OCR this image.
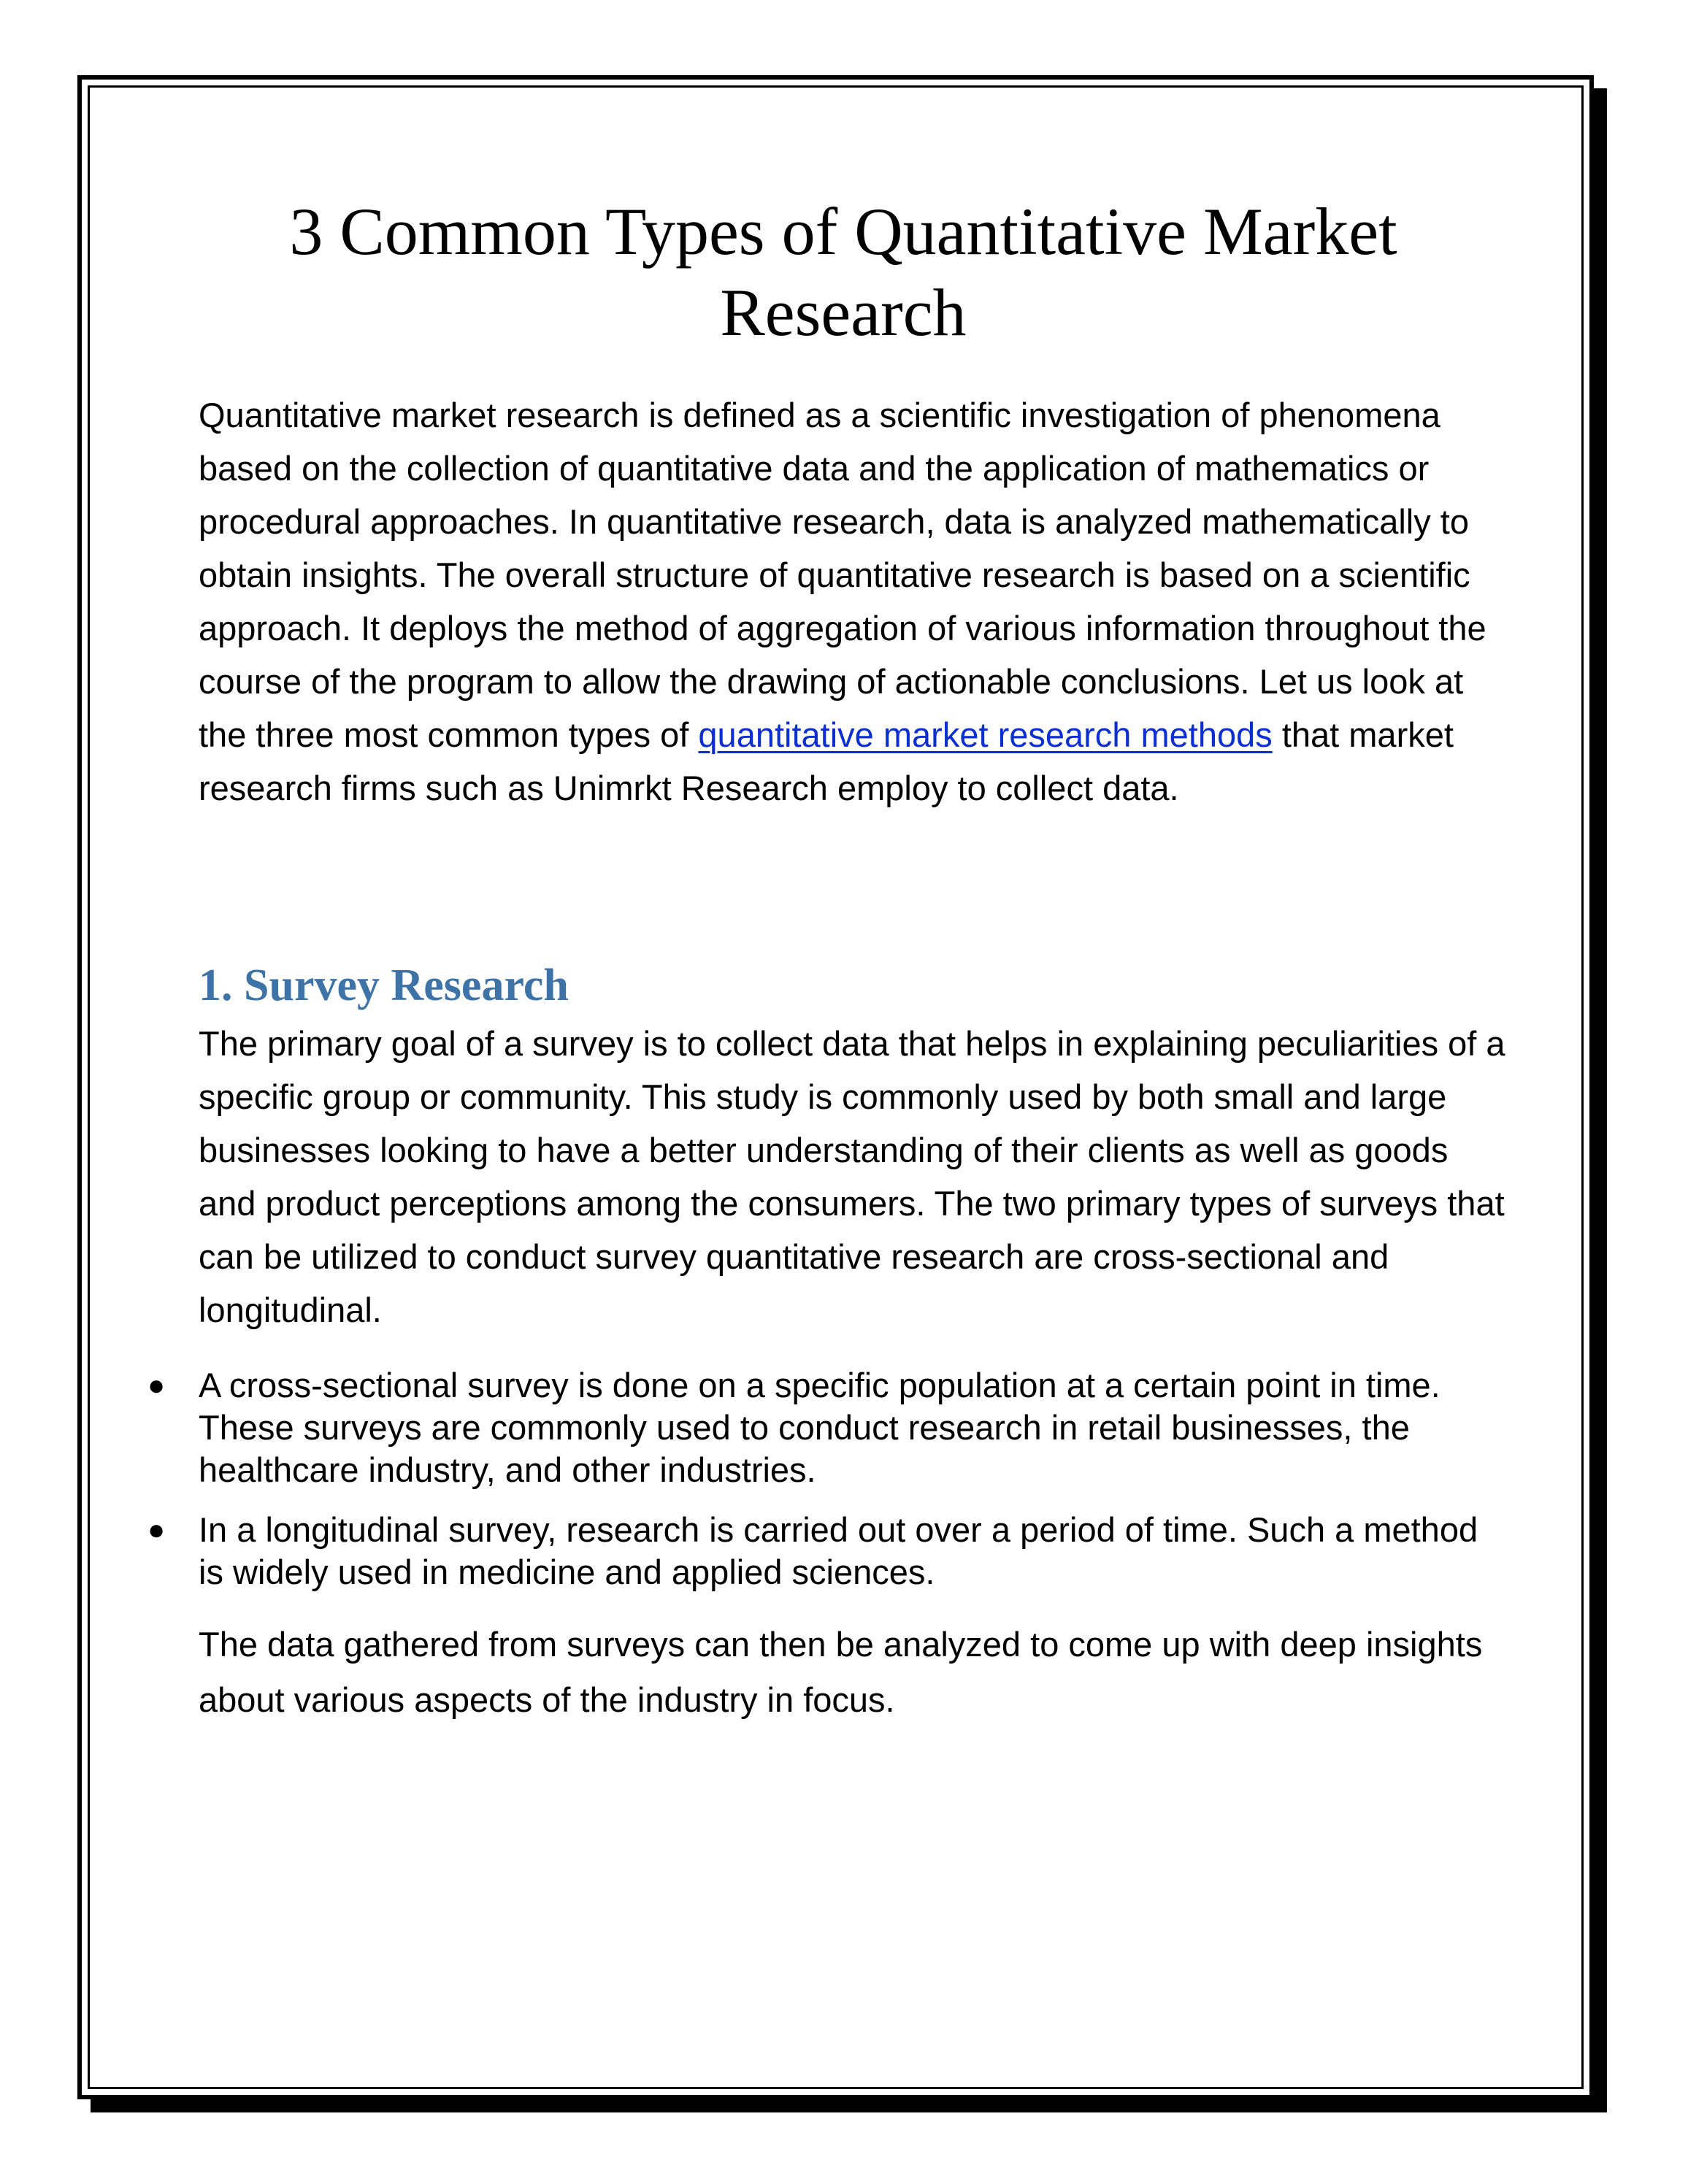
3 Common Types of Quantitative Market Research

Quantitative market research is defined as a scientific investigation of phenomena based on the collection of quantitative data and the application of mathematics or procedural approaches. In quantitative research, data is analyzed mathematically to obtain insights. The overall structure of quantitative research is based on a scientific approach. It deploys the method of aggregation of various information throughout the course of the program to allow the drawing of actionable conclusions. Let us look at the three most common types of quantitative market research methods that market research firms such as Unimrkt Research employ to collect data.

1. Survey Research

The primary goal of a survey is to collect data that helps in explaining peculiarities of a specific group or community. This study is commonly used by both small and large businesses looking to have a better understanding of their clients as well as goods and product perceptions among the consumers. The two primary types of surveys that can be utilized to conduct survey quantitative research are cross-sectional and longitudinal.

● A cross-sectional survey is done on a specific population at a certain point in time. These surveys are commonly used to conduct research in retail businesses, the healthcare industry, and other industries.
● In a longitudinal survey, research is carried out over a period of time. Such a method is widely used in medicine and applied sciences.

The data gathered from surveys can then be analyzed to come up with deep insights about various aspects of the industry in focus.
